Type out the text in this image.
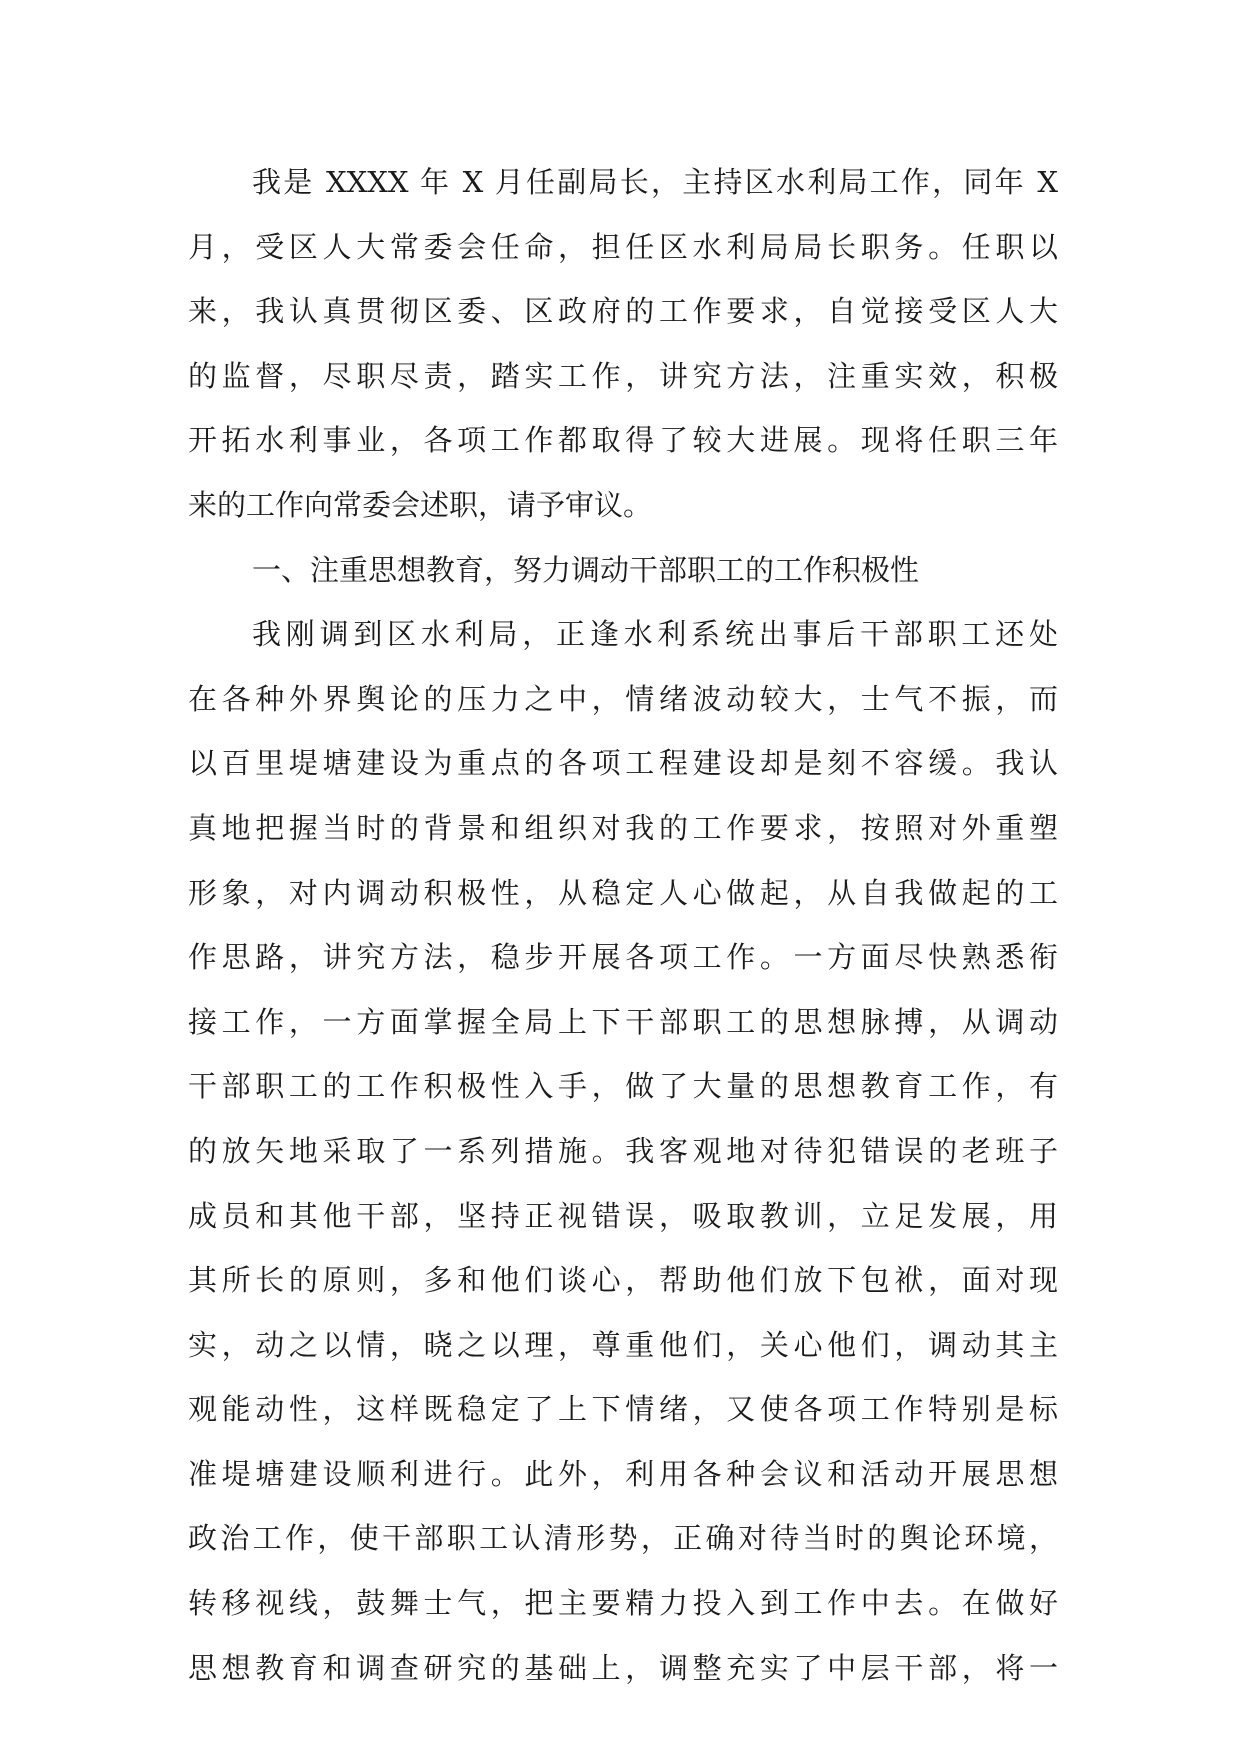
我是 XXXX 年 X 月任副局长，主持区水利局工作，同年 X
月，受区人大常委会任命，担任区水利局局长职务。任职以
来，我认真贯彻区委、区政府的工作要求，自觉接受区人大
的监督，尽职尽责，踏实工作，讲究方法，注重实效，积极
开拓水利事业，各项工作都取得了较大进展。现将任职三年
来的工作向常委会述职，请予审议。
一、注重思想教育，努力调动干部职工的工作积极性
我刚调到区水利局，正逢水利系统出事后干部职工还处
在各种外界舆论的压力之中，情绪波动较大，士气不振，而
以百里堤塘建设为重点的各项工程建设却是刻不容缓。我认
真地把握当时的背景和组织对我的工作要求，按照对外重塑
形象，对内调动积极性，从稳定人心做起，从自我做起的工
作思路，讲究方法，稳步开展各项工作。一方面尽快熟悉衔
接工作，一方面掌握全局上下干部职工的思想脉搏，从调动
干部职工的工作积极性入手，做了大量的思想教育工作，有
的放矢地采取了一系列措施。我客观地对待犯错误的老班子
成员和其他干部，坚持正视错误，吸取教训，立足发展，用
其所长的原则，多和他们谈心，帮助他们放下包袱，面对现
实，动之以情，晓之以理，尊重他们，关心他们，调动其主
观能动性，这样既稳定了上下情绪，又使各项工作特别是标
准堤塘建设顺利进行。此外，利用各种会议和活动开展思想
政治工作，使干部职工认清形势，正确对待当时的舆论环境，
转移视线，鼓舞士气，把主要精力投入到工作中去。在做好
思想教育和调查研究的基础上，调整充实了中层干部，将一
